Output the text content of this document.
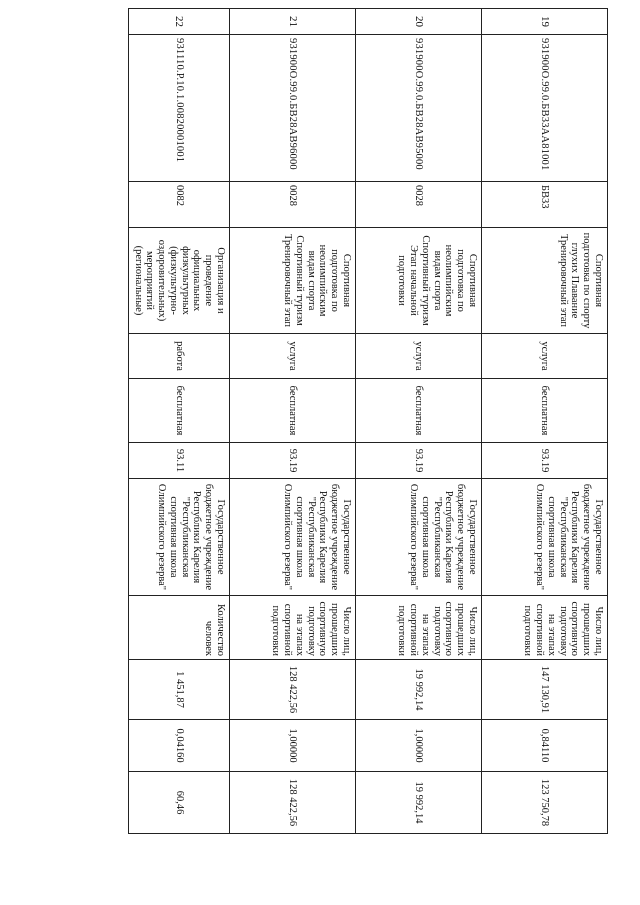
19	931900О.99.0.БВ33АА81001	БВ33	Спортивная подготовка по спорту глухих Плавание Тренировочный этап	услуга	бесплатная	93.19	Государственное бюджетное учреждение Республики Карелия "Республиканская спортивная школа Олимпийского резерва"	Число лиц, прошедших спортивную подготовку на этапах спортивной подготовки	147 130,91	0,84110	123 750,78
20	931900О.99.0.БВ28АВ95000	0028	Спортивная подготовка по неолимпийским видам спорта Спортивный туризм Этап начальной подготовки	услуга	бесплатная	93.19	Государственное бюджетное учреждение Республики Карелия "Республиканская спортивная школа Олимпийского резерва"	Число лиц, прошедших спортивную подготовку на этапах спортивной подготовки	19 992,14	1,00000	19 992,14
21	931900О.99.0.БВ28АВ96000	0028	Спортивная подготовка по неолимпийским видам спорта Спортивный туризм Тренировочный этап	услуга	бесплатная	93.19	Государственное бюджетное учреждение Республики Карелия "Республиканская спортивная школа Олимпийского резерва"	Число лиц, прошедших спортивную подготовку на этапах спортивной подготовки	128 422,56	1,00000	128 422,56
22	931110.Р.10.1.00820001001	0082	Организация и проведение официальных физкультурных (физкультурно-оздоровительных) мероприятий (региональные)	работа	бесплатная	93.11	Государственное бюджетное учреждение Республики Карелия "Республиканская спортивная школа Олимпийского резерва"	Количество человек	1 451,87	0,04160	60,46
